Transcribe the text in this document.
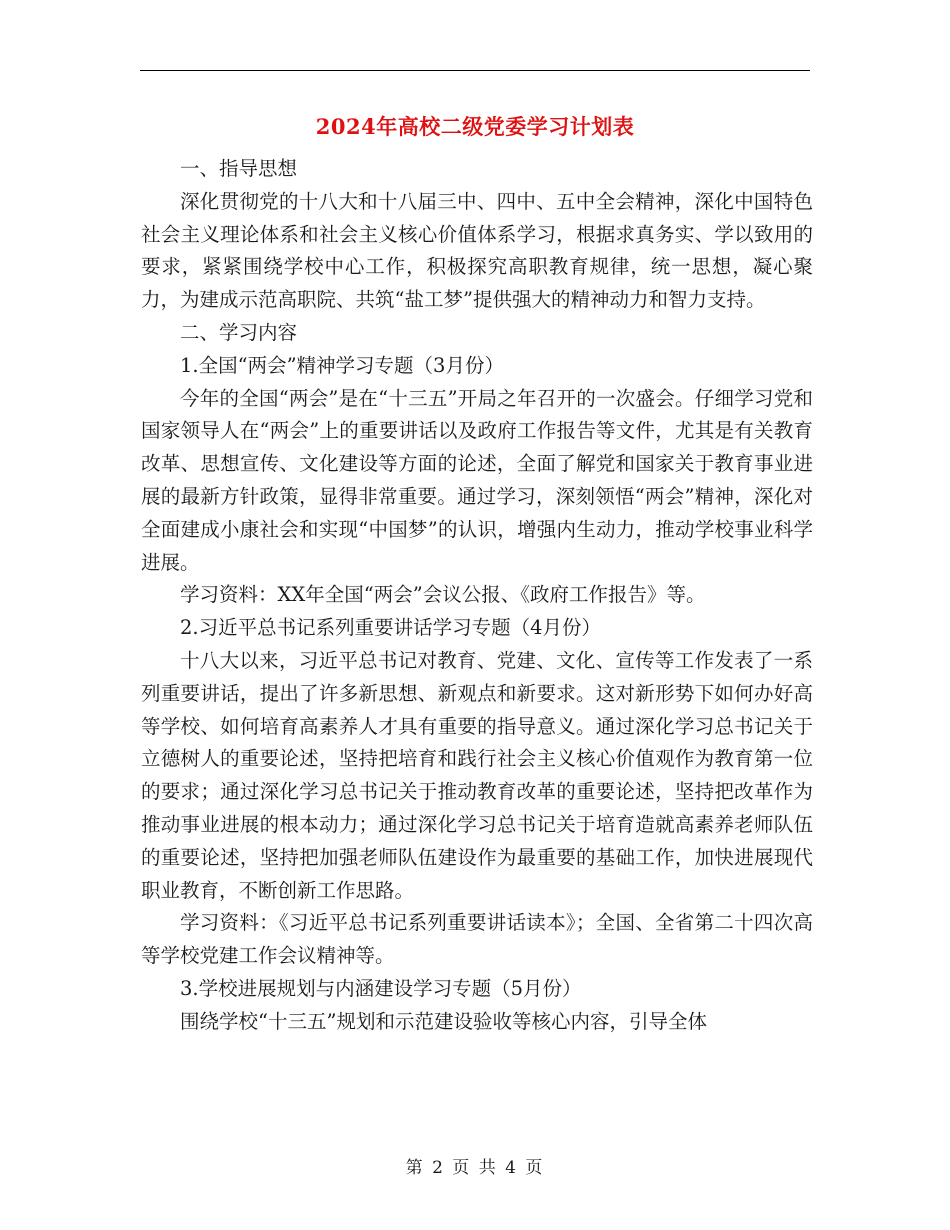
2024年高校二级党委学习计划表

一、指导思想

深化贯彻党的十八大和十八届三中、四中、五中全会精神，深化中国特色社会主义理论体系和社会主义核心价值体系学习，根据求真务实、学以致用的要求，紧紧围绕学校中心工作，积极探究高职教育规律，统一思想，凝心聚力，为建成示范高职院、共筑“盐工梦”提供强大的精神动力和智力支持。

二、学习内容

1.全国“两会”精神学习专题（3月份）

今年的全国“两会”是在“十三五”开局之年召开的一次盛会。仔细学习党和国家领导人在“两会”上的重要讲话以及政府工作报告等文件，尤其是有关教育改革、思想宣传、文化建设等方面的论述，全面了解党和国家关于教育事业进展的最新方针政策，显得非常重要。通过学习，深刻领悟“两会”精神，深化对全面建成小康社会和实现“中国梦”的认识，增强内生动力，推动学校事业科学进展。

学习资料：XX年全国“两会”会议公报、《政府工作报告》等。

2.习近平总书记系列重要讲话学习专题（4月份）

十八大以来，习近平总书记对教育、党建、文化、宣传等工作发表了一系列重要讲话，提出了许多新思想、新观点和新要求。这对新形势下如何办好高等学校、如何培育高素养人才具有重要的指导意义。通过深化学习总书记关于立德树人的重要论述，坚持把培育和践行社会主义核心价值观作为教育第一位的要求；通过深化学习总书记关于推动教育改革的重要论述，坚持把改革作为推动事业进展的根本动力；通过深化学习总书记关于培育造就高素养老师队伍的重要论述，坚持把加强老师队伍建设作为最重要的基础工作，加快进展现代职业教育，不断创新工作思路。

学习资料：《习近平总书记系列重要讲话读本》；全国、全省第二十四次高等学校党建工作会议精神等。

3.学校进展规划与内涵建设学习专题（5月份）

围绕学校“十三五”规划和示范建设验收等核心内容，引导全体

第 2 页 共 4 页
